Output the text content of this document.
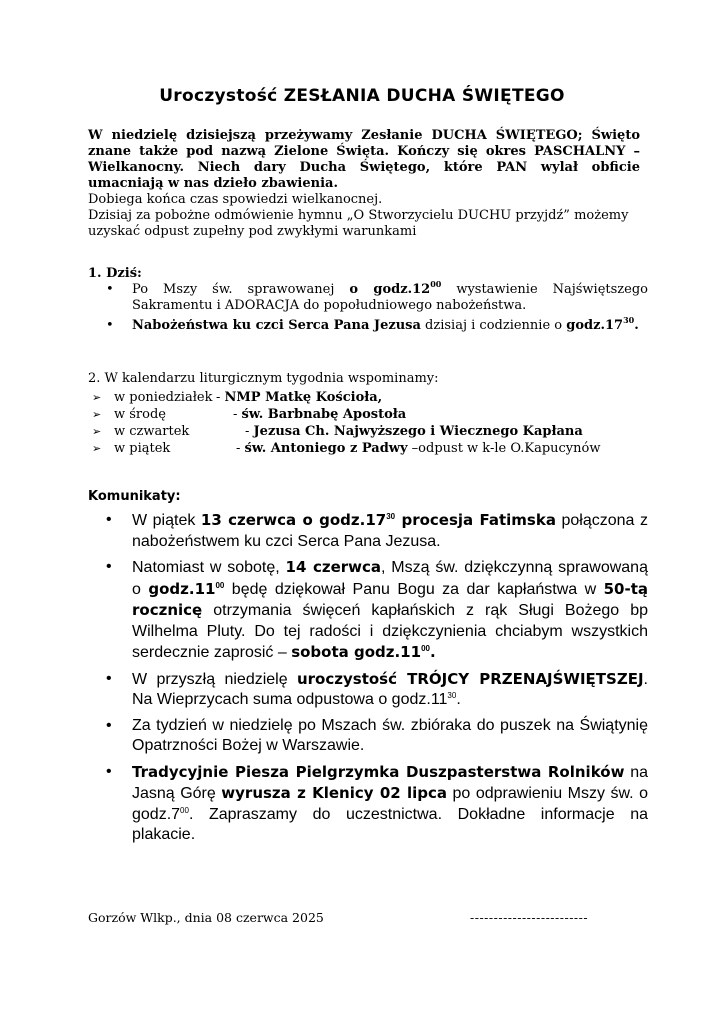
Uroczystość ZESŁANIA DUCHA ŚWIĘTEGO

W niedzielę dzisiejszą przeżywamy Zesłanie DUCHA ŚWIĘTEGO; Święto znane także pod nazwą Zielone Święta. Kończy się okres PASCHALNY – Wielkanocny. Niech dary Ducha Świętego, które PAN wylał obficie umacniają w nas dzieło zbawienia.

Dobiega końca czas spowiedzi wielkanocnej.

Dzisiaj za pobożne odmówienie hymnu „O Stworzycielu DUCHU przyjdź” możemy uzyskać odpust zupełny pod zwykłymi warunkami

1. Dziś:
• Po Mszy św. sprawowanej o $godz.12^{00}$ wystawienie Najświętszego Sakramentu i ADORACJA do popołudniowego nabożeństwa.
• Nabożeństwa ku czci Serca Pana Jezusa dzisiaj i codziennie o $godz.17^{30}$.
2. W kalendarzu liturgicznym tygodnia wspominamy:
➢ w poniedziałek - NMP Matkę Kościoła,
➢ w środę	- św. Barbnabę Apostoła
➢ w czwartek	- Jezusa Ch. Najwyższego i Wiecznego Kapłana
➢ w piątek	- św. Antoniego z Padwy –odpust w k-le O.Kapucynów
Komunikaty:
• W piątek 13 czerwca o $godz.17^{30}$ procesja Fatimska połączona z nabożeństwem ku czci Serca Pana Jezusa.
• Natomiast w sobotę, 14 czerwca, Mszą św. dziękczynną sprawowaną o $godz.11^{00}$ będę dziękował Panu Bogu za dar kapłaństwa w 50-tą rocznicę otrzymania święceń kapłańskich z rąk Sługi Bożego bp Wilhelma Pluty. Do tej radości i dziękczynienia chciabym wszystkich serdecznie zaprosić – sobota $godz.11^{00}$.
• W przyszłą niedzielę uroczystość TRÓJCY PRZENAJŚWIĘTSZEJ. Na Wieprzycach suma odpustowa o $godz.11^{30}$.
• Za tydzień w niedzielę po Mszach św. zbióraka do puszek na Świątynię Opatrzności Bożej w Warszawie.
• Tradycyjnie Piesza Pielgrzymka Duszpasterstwa Rolników na Jasną Górę wyrusza z Klenicy 02 lipca po odprawieniu Mszy św. o $godz.7^{00}$. Zapraszamy do uczestnictwa. Dokładne informacje na plakacie.
Gorzów Wlkp., dnia 08 czerwca 2025	-------------------------
